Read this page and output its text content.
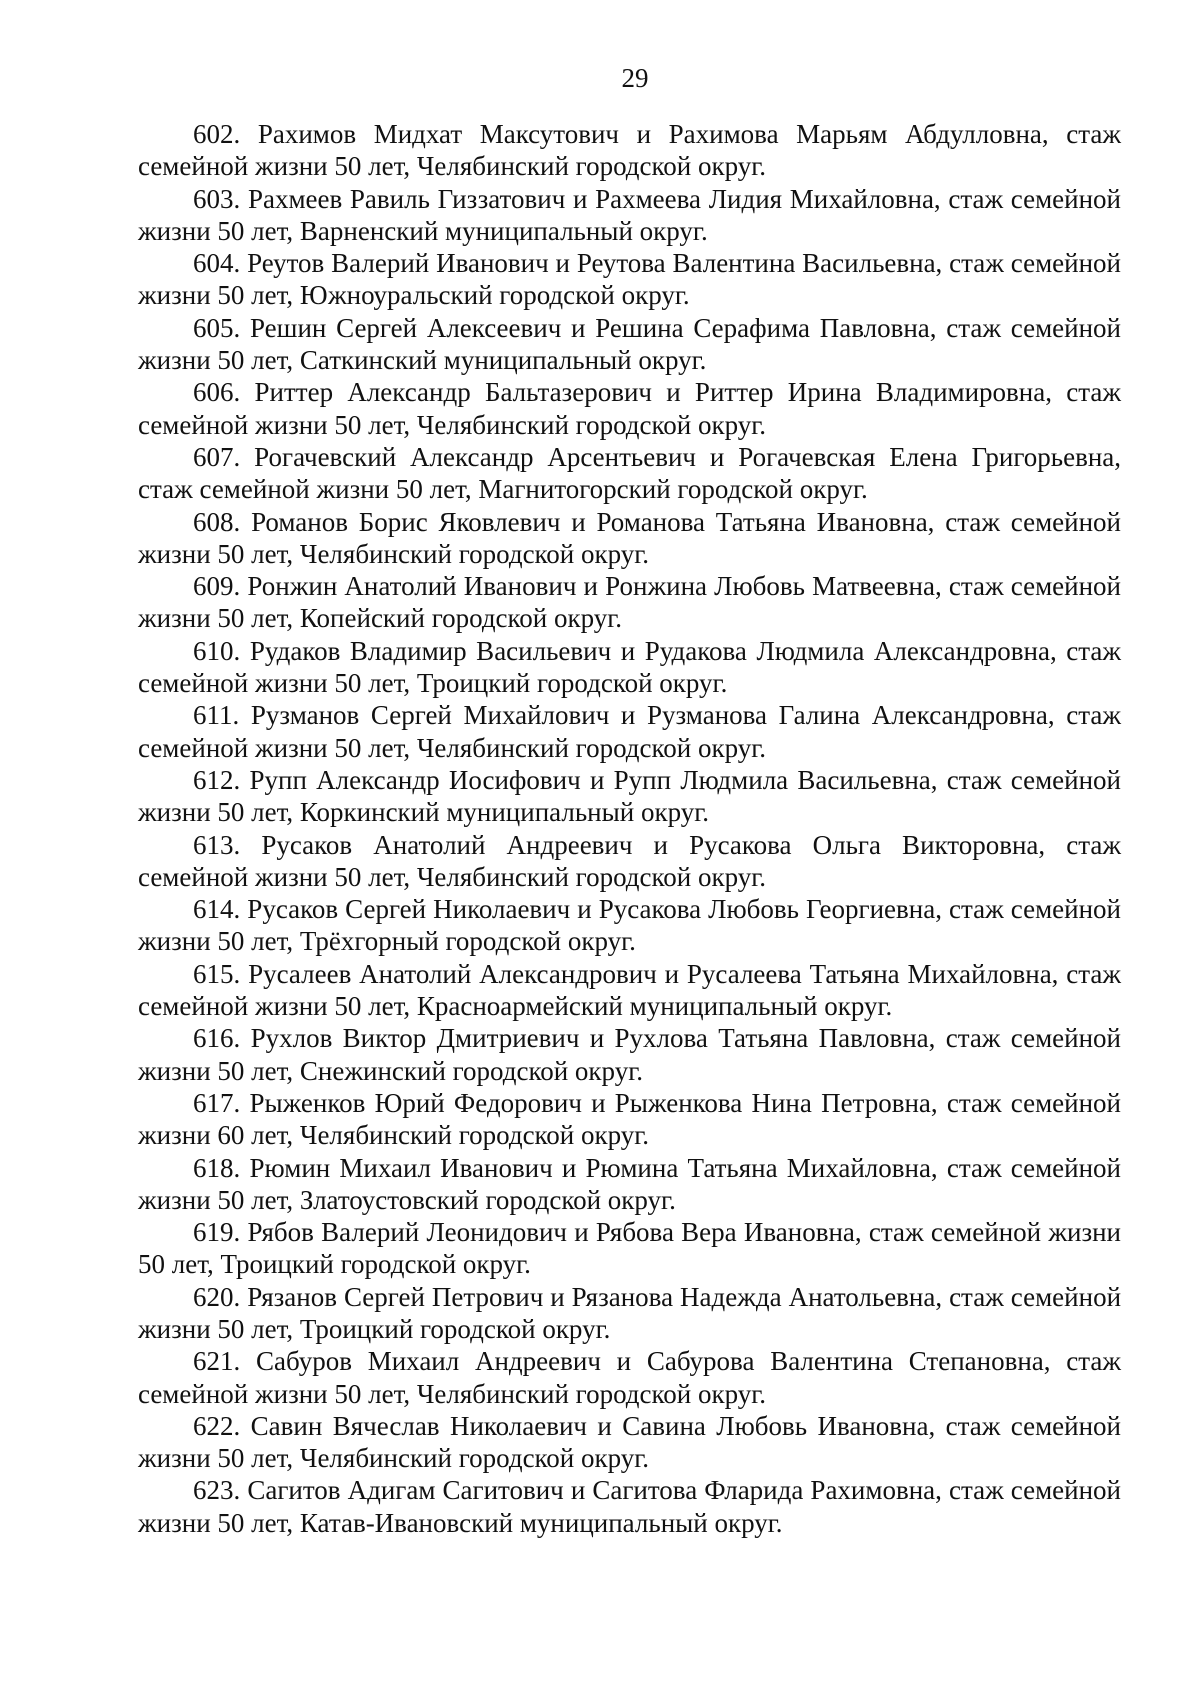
29
602. Рахимов Мидхат Максутович и Рахимова Марьям Абдулловна, стаж семейной жизни 50 лет, Челябинский городской округ.
603. Рахмеев Равиль Гиззатович и Рахмеева Лидия Михайловна, стаж семейной жизни 50 лет, Варненский муниципальный округ.
604. Реутов Валерий Иванович и Реутова Валентина Васильевна, стаж семейной жизни 50 лет, Южноуральский городской округ.
605. Решин Сергей Алексеевич и Решина Серафима Павловна, стаж семейной жизни 50 лет, Саткинский муниципальный округ.
606. Риттер Александр Бальтазерович и Риттер Ирина Владимировна, стаж семейной жизни 50 лет, Челябинский городской округ.
607. Рогачевский Александр Арсентьевич и Рогачевская Елена Григорьевна, стаж семейной жизни 50 лет, Магнитогорский городской округ.
608. Романов Борис Яковлевич и Романова Татьяна Ивановна, стаж семейной жизни 50 лет, Челябинский городской округ.
609. Ронжин Анатолий Иванович и Ронжина Любовь Матвеевна, стаж семейной жизни 50 лет, Копейский городской округ.
610. Рудаков Владимир Васильевич и Рудакова Людмила Александровна, стаж семейной жизни 50 лет, Троицкий городской округ.
611. Рузманов Сергей Михайлович и Рузманова Галина Александровна, стаж семейной жизни 50 лет, Челябинский городской округ.
612. Рупп Александр Иосифович и Рупп Людмила Васильевна, стаж семейной жизни 50 лет, Коркинский муниципальный округ.
613. Русаков Анатолий Андреевич и Русакова Ольга Викторовна, стаж семейной жизни 50 лет, Челябинский городской округ.
614. Русаков Сергей Николаевич и Русакова Любовь Георгиевна, стаж семейной жизни 50 лет, Трёхгорный городской округ.
615. Русалеев Анатолий Александрович и Русалеева Татьяна Михайловна, стаж семейной жизни 50 лет, Красноармейский муниципальный округ.
616. Рухлов Виктор Дмитриевич и Рухлова Татьяна Павловна, стаж семейной жизни 50 лет, Снежинский городской округ.
617. Рыженков Юрий Федорович и Рыженкова Нина Петровна, стаж семейной жизни 60 лет, Челябинский городской округ.
618. Рюмин Михаил Иванович и Рюмина Татьяна Михайловна, стаж семейной жизни 50 лет, Златоустовский городской округ.
619. Рябов Валерий Леонидович и Рябова Вера Ивановна, стаж семейной жизни 50 лет, Троицкий городской округ.
620. Рязанов Сергей Петрович и Рязанова Надежда Анатольевна, стаж семейной жизни 50 лет, Троицкий городской округ.
621. Сабуров Михаил Андреевич и Сабурова Валентина Степановна, стаж семейной жизни 50 лет, Челябинский городской округ.
622. Савин Вячеслав Николаевич и Савина Любовь Ивановна, стаж семейной жизни 50 лет, Челябинский городской округ.
623. Сагитов Адигам Сагитович и Сагитова Фларида Рахимовна, стаж семейной жизни 50 лет, Катав-Ивановский муниципальный округ.
